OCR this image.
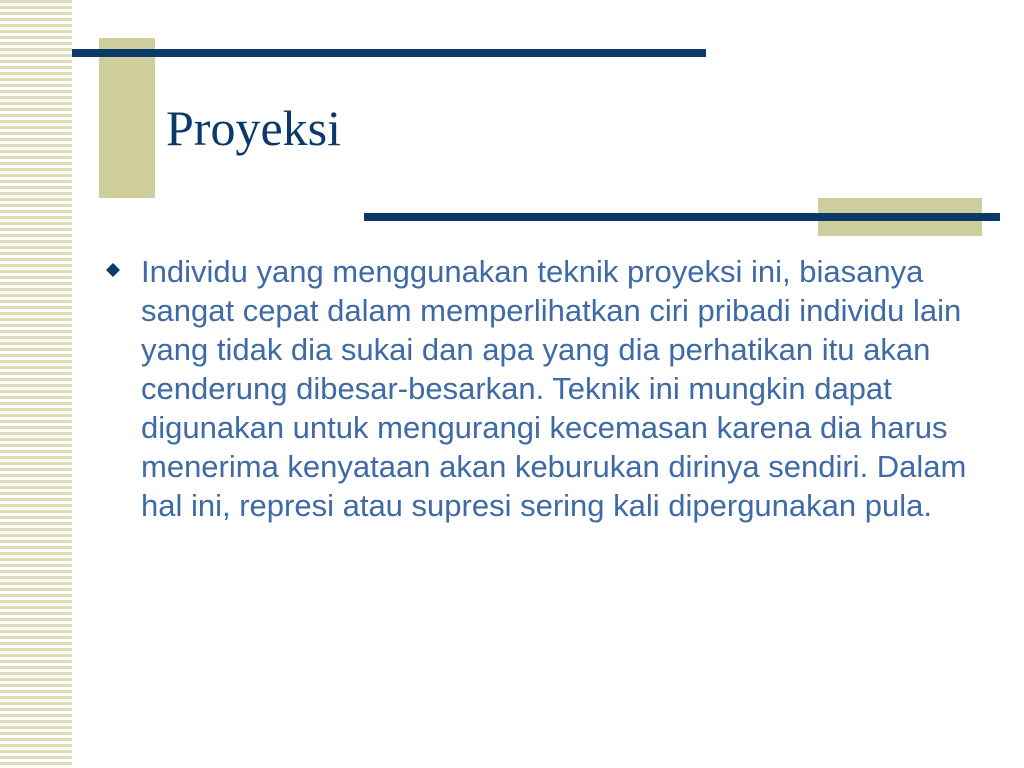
Proyeksi

Individu yang menggunakan teknik proyeksi ini, biasanya sangat cepat dalam memperlihatkan ciri pribadi individu lain yang tidak dia sukai dan apa yang dia perhatikan itu akan cenderung dibesar-besarkan. Teknik ini mungkin dapat digunakan untuk mengurangi kecemasan karena dia harus menerima kenyataan akan keburukan dirinya sendiri. Dalam hal ini, represi atau supresi sering kali dipergunakan pula.
